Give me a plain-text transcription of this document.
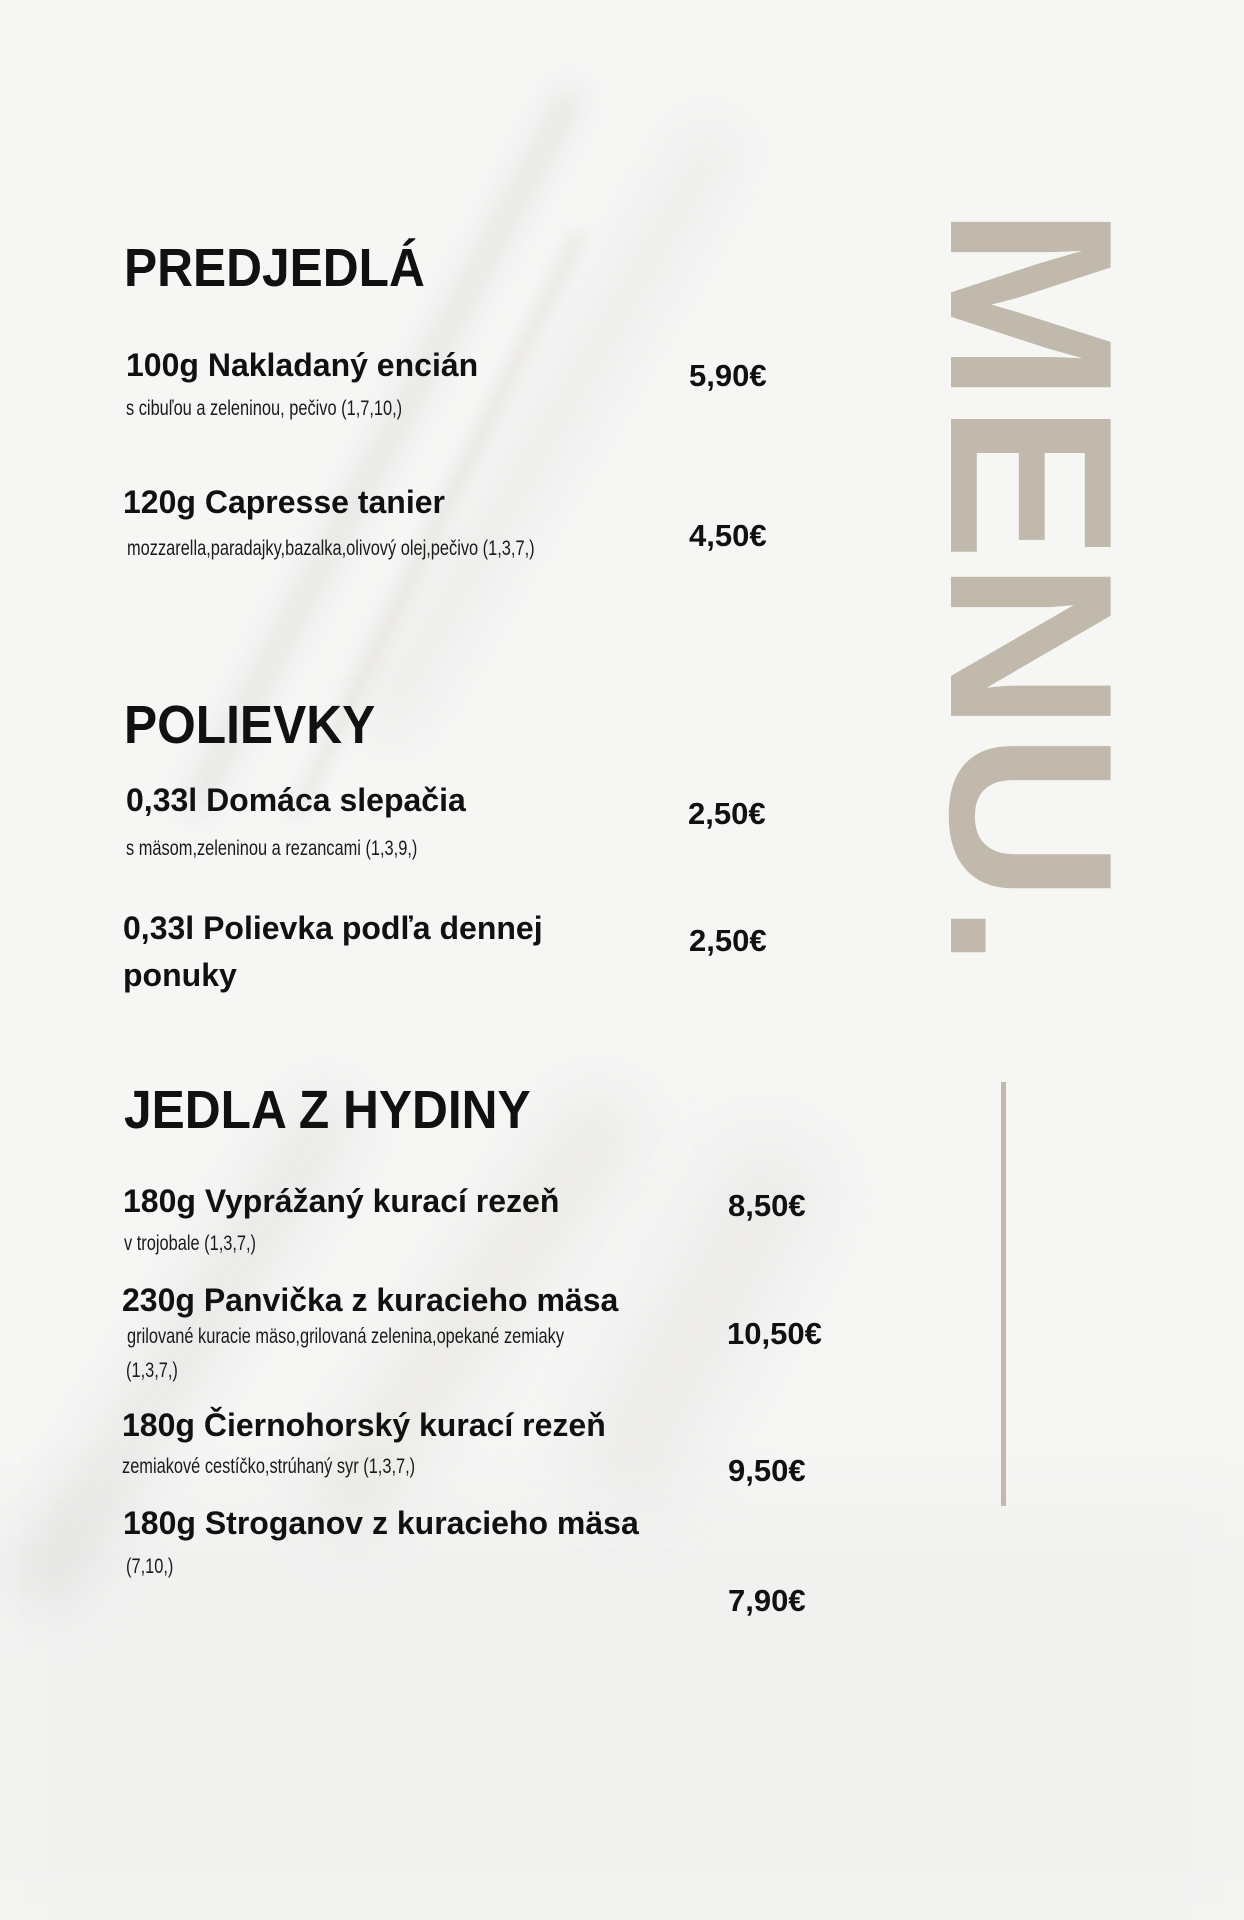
PREDJEDLÁ
100g Nakladaný encián
s cibuľou a zeleninou, pečivo (1,7,10,)
5,90€
120g Capresse tanier
mozzarella,paradajky,bazalka,olivový olej,pečivo (1,3,7,)	4,50€
POLIEVKY
0,33l Domáca slepačia
s mäsom,zeleninou a rezancami (1,3,9,)
2,50€
0,33l Polievka podľa dennej
ponuky
2,50€
JEDLA Z HYDINY
180g Vyprážaný kurací rezeň
v trojobale (1,3,7,)
8,50€
230g Panvička z kuracieho mäsa
grilované kuracie mäso,grilovaná zelenina,opekané zemiaky
(1,3,7,)
10,50€
180g Čiernohorský kurací rezeň
zemiakové cestíčko,strúhaný syr (1,3,7,)	9,50€
180g Stroganov z kuracieho mäsa
(7,10,)
7,90€
MENU.
